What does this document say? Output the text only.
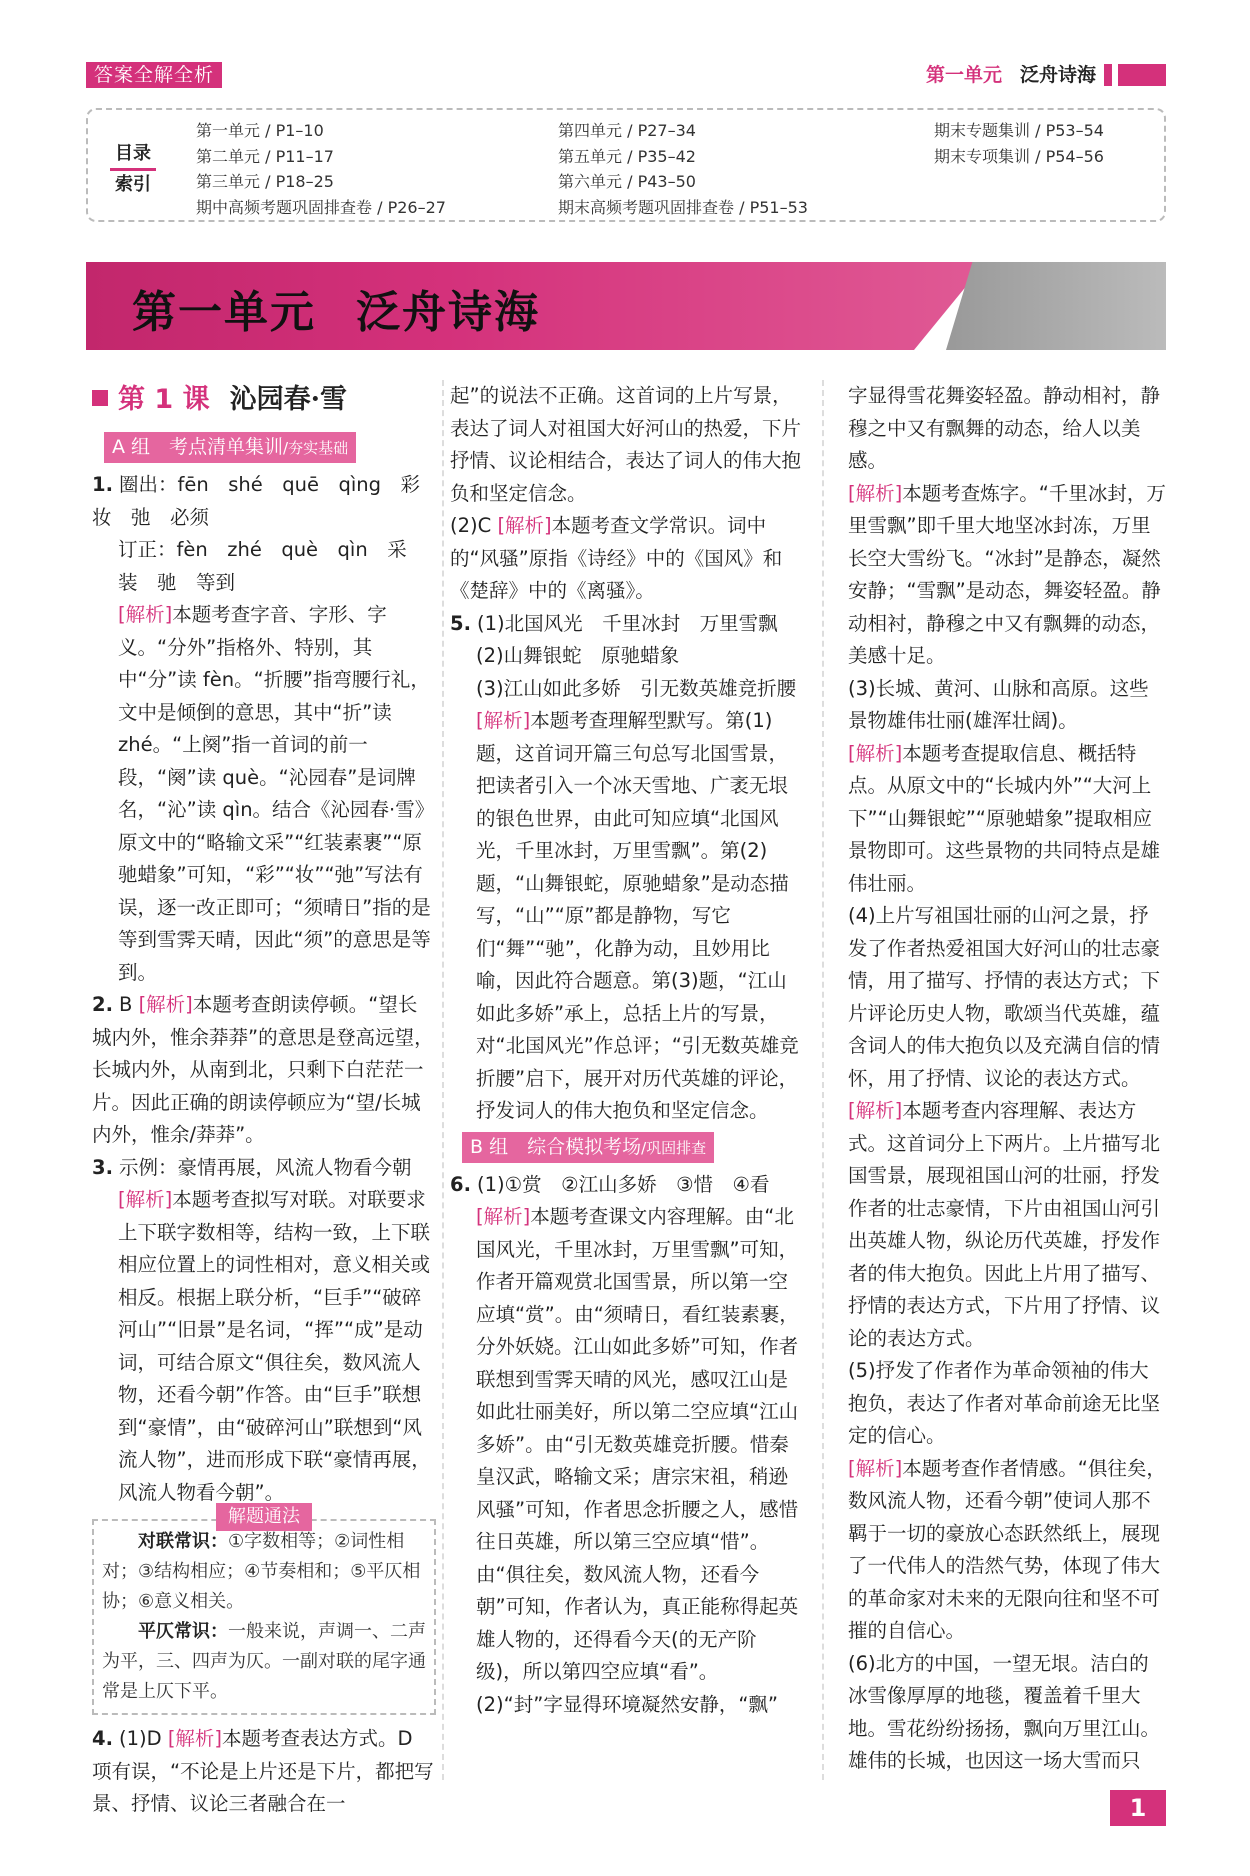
答案全解全析	第一单元 泛舟诗海
目录
索引
第一单元 / P1–10
第二单元 / P11–17
第三单元 / P18–25
期中高频考题巩固排查卷 / P26–27
第四单元 / P27–34
第五单元 / P35–42
第六单元 / P43–50
期末高频考题巩固排查卷 / P51–53
期末专题集训 / P53–54
期末专项集训 / P54–56
第一单元 泛舟诗海
第 1 课 沁园春·雪
A 组　考点清单集训/夯实基础
1. 圈出：fēn　shé　quē　qìng　彩　妆　弛　必须
订正：fèn　zhé　què　qìn　采　装　驰　等到
[解析]本题考查字音、字形、字义。“分外”指格外、特别，其中“分”读 fèn。“折腰”指弯腰行礼，文中是倾倒的意思，其中“折”读 zhé。“上阕”指一首词的前一段，“阕”读 què。“沁园春”是词牌名，“沁”读 qìn。结合《沁园春·雪》原文中的“略输文采”“红装素裹”“原驰蜡象”可知，“彩”“妆”“弛”写法有误，逐一改正即可；“须晴日”指的是等到雪霁天晴，因此“须”的意思是等到。
2. B [解析]本题考查朗读停顿。“望长城内外，惟余莽莽”的意思是登高远望，长城内外，从南到北，只剩下白茫茫一片。因此正确的朗读停顿应为“望/长城内外，惟余/莽莽”。
3. 示例：豪情再展，风流人物看今朝
[解析]本题考查拟写对联。对联要求上下联字数相等，结构一致，上下联相应位置上的词性相对，意义相关或相反。根据上联分析，“巨手”“破碎河山”“旧景”是名词，“挥”“成”是动词，可结合原文“俱往矣，数风流人物，还看今朝”作答。由“巨手”联想到“豪情”，由“破碎河山”联想到“风流人物”，进而形成下联“豪情再展，风流人物看今朝”。
解题通法

对联常识：①字数相等；②词性相对；③结构相应；④节奏相和；⑤平仄相协；⑥意义相关。

平仄常识：一般来说，声调一、二声为平，三、四声为仄。一副对联的尾字通常是上仄下平。

4. (1)D [解析]本题考查表达方式。D 项有误，“不论是上片还是下片，都把写景、抒情、议论三者融合在一
起”的说法不正确。这首词的上片写景，表达了词人对祖国大好河山的热爱，下片抒情、议论相结合，表达了词人的伟大抱负和坚定信念。
(2)C [解析]本题考查文学常识。词中的“风骚”原指《诗经》中的《国风》和《楚辞》中的《离骚》。
5. (1)北国风光　千里冰封　万里雪飘
(2)山舞银蛇　原驰蜡象
(3)江山如此多娇　引无数英雄竞折腰
[解析]本题考查理解型默写。第(1)题，这首词开篇三句总写北国雪景，把读者引入一个冰天雪地、广袤无垠的银色世界，由此可知应填“北国风光，千里冰封，万里雪飘”。第(2)题，“山舞银蛇，原驰蜡象”是动态描写，“山”“原”都是静物，写它们“舞”“驰”，化静为动，且妙用比喻，因此符合题意。第(3)题，“江山如此多娇”承上，总括上片的写景，对“北国风光”作总评；“引无数英雄竞折腰”启下，展开对历代英雄的评论，抒发词人的伟大抱负和坚定信念。
B 组　综合模拟考场/巩固排查
6. (1)①赏　②江山多娇　③惜　④看
[解析]本题考查课文内容理解。由“北国风光，千里冰封，万里雪飘”可知，作者开篇观赏北国雪景，所以第一空应填“赏”。由“须晴日，看红装素裹，分外妖娆。江山如此多娇”可知，作者联想到雪霁天晴的风光，感叹江山是如此壮丽美好，所以第二空应填“江山多娇”。由“引无数英雄竞折腰。惜秦皇汉武，略输文采；唐宗宋祖，稍逊风骚”可知，作者思念折腰之人，感惜往日英雄，所以第三空应填“惜”。由“俱往矣，数风流人物，还看今朝”可知，作者认为，真正能称得起英雄人物的，还得看今天(的无产阶级)，所以第四空应填“看”。
(2)“封”字显得环境凝然安静，“飘”
字显得雪花舞姿轻盈。静动相衬，静穆之中又有飘舞的动态，给人以美感。
[解析]本题考查炼字。“千里冰封，万里雪飘”即千里大地坚冰封冻，万里长空大雪纷飞。“冰封”是静态，凝然安静；“雪飘”是动态，舞姿轻盈。静动相衬，静穆之中又有飘舞的动态，美感十足。
(3)长城、黄河、山脉和高原。这些景物雄伟壮丽(雄浑壮阔)。
[解析]本题考查提取信息、概括特点。从原文中的“长城内外”“大河上下”“山舞银蛇”“原驰蜡象”提取相应景物即可。这些景物的共同特点是雄伟壮丽。
(4)上片写祖国壮丽的山河之景，抒发了作者热爱祖国大好河山的壮志豪情，用了描写、抒情的表达方式；下片评论历史人物，歌颂当代英雄，蕴含词人的伟大抱负以及充满自信的情怀，用了抒情、议论的表达方式。
[解析]本题考查内容理解、表达方式。这首词分上下两片。上片描写北国雪景，展现祖国山河的壮丽，抒发作者的壮志豪情，下片由祖国山河引出英雄人物，纵论历代英雄，抒发作者的伟大抱负。因此上片用了描写、抒情的表达方式，下片用了抒情、议论的表达方式。
(5)抒发了作者作为革命领袖的伟大抱负，表达了作者对革命前途无比坚定的信心。
[解析]本题考查作者情感。“俱往矣，数风流人物，还看今朝”使词人那不羁于一切的豪放心态跃然纸上，展现了一代伟人的浩然气势，体现了伟大的革命家对未来的无限向往和坚不可摧的自信心。
(6)北方的中国，一望无垠。洁白的冰雪像厚厚的地毯，覆盖着千里大地。雪花纷纷扬扬，飘向万里江山。雄伟的长城，也因这一场大雪而只
1
